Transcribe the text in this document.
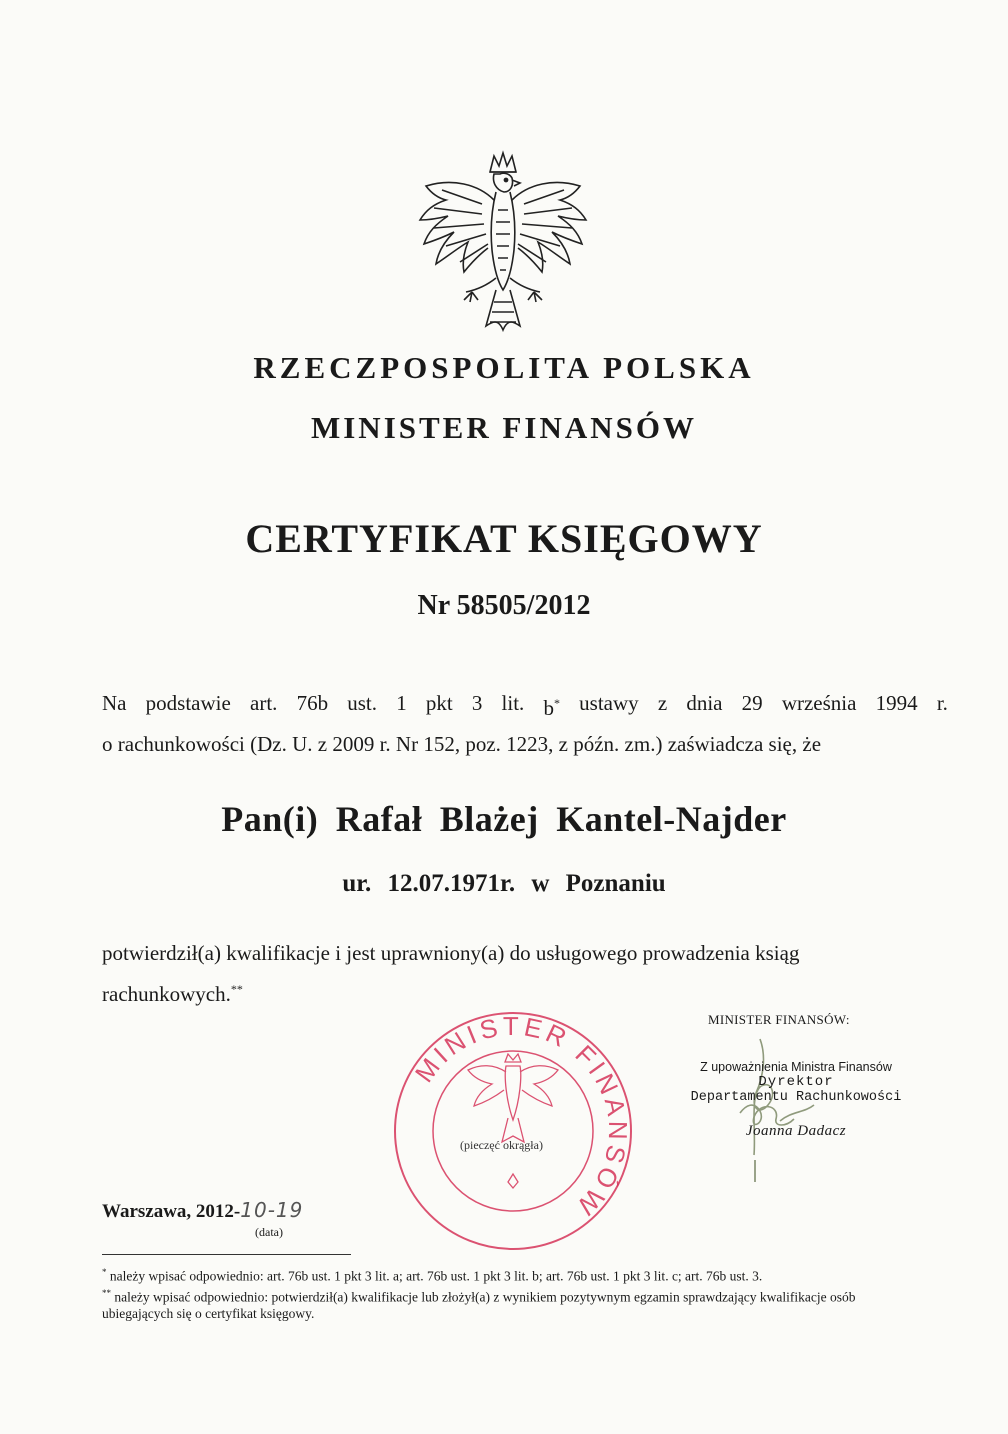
RZECZPOSPOLITA POLSKA
MINISTER FINANSÓW
CERTYFIKAT KSIĘGOWY
Nr 58505/2012
Na podstawie art. 76b ust. 1 pkt 3 lit. b* ustawy z dnia 29 września 1994 r.
o rachunkowości (Dz. U. z 2009 r. Nr 152, poz. 1223, z późn. zm.) zaświadcza się, że
Pan(i) Rafał Blażej Kantel-Najder
ur. 12.07.1971r. w Poznaniu
potwierdził(a) kwalifikacje i jest uprawniony(a) do usługowego prowadzenia ksiąg
rachunkowych.**
MINISTER FINANSÓW:
MINISTER FINANSÓW
(pieczęć okrągła)
Z upoważnienia Ministra Finansów
Dyrektor
Departamentu Rachunkowości
Joanna Dadacz
Warszawa, 2012-10-19
(data)

* należy wpisać odpowiednio: art. 76b ust. 1 pkt 3 lit. a; art. 76b ust. 1 pkt 3 lit. b; art. 76b ust. 1 pkt 3 lit. c; art. 76b ust. 3.

** należy wpisać odpowiednio: potwierdził(a) kwalifikacje lub złożył(a) z wynikiem pozytywnym egzamin sprawdzający kwalifikacje osób ubiegających się o certyfikat księgowy.
